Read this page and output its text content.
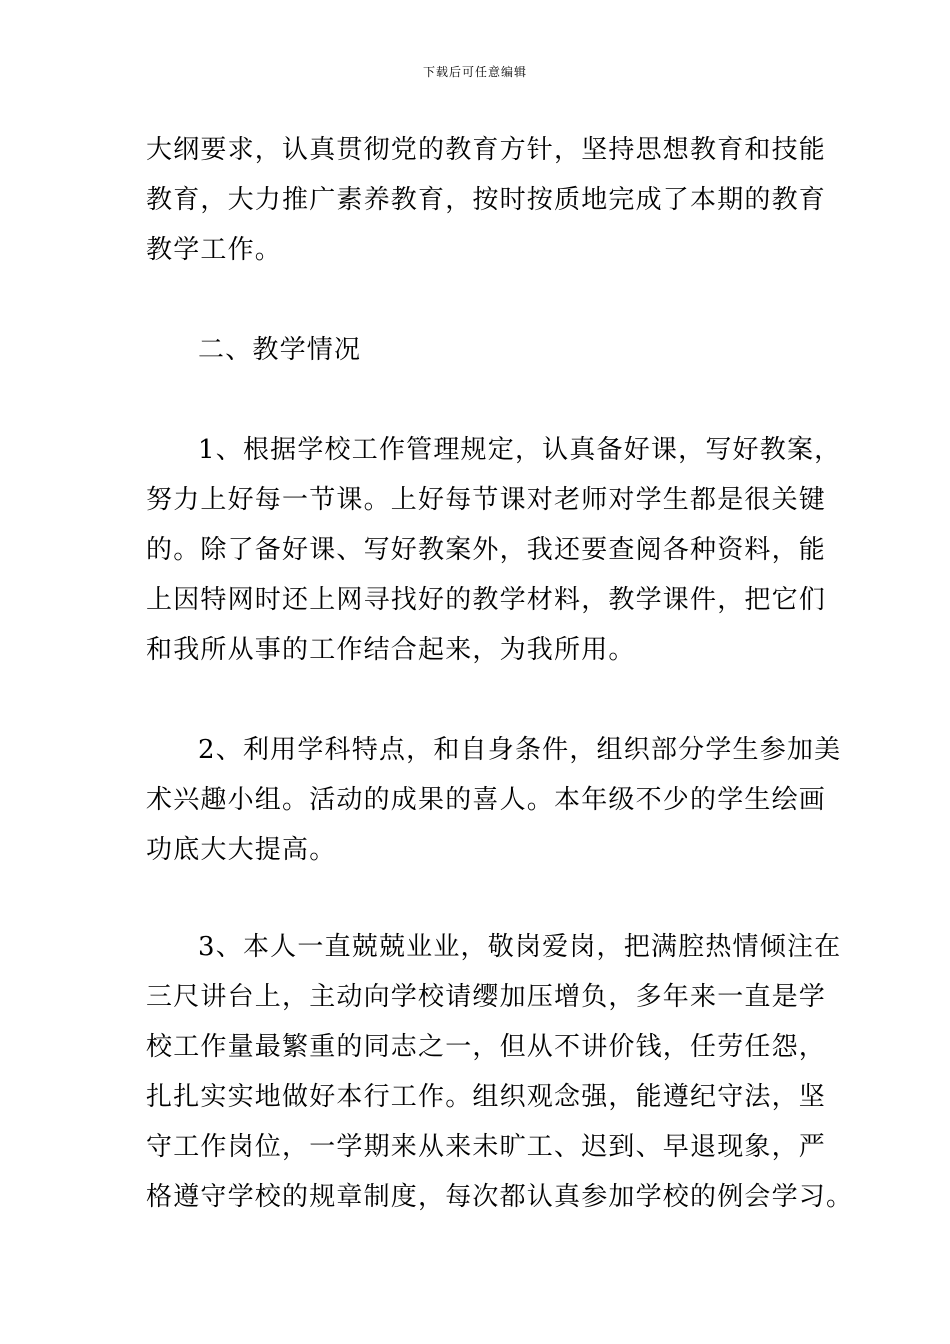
下载后可任意编辑
大纲要求，认真贯彻党的教育方针，坚持思想教育和技能
教育，大力推广素养教育，按时按质地完成了本期的教育
教学工作。
二、教学情况
1、根据学校工作管理规定，认真备好课，写好教案，
努力上好每一节课。上好每节课对老师对学生都是很关键
的。除了备好课、写好教案外，我还要查阅各种资料，能
上因特网时还上网寻找好的教学材料，教学课件，把它们
和我所从事的工作结合起来，为我所用。
2、利用学科特点，和自身条件，组织部分学生参加美
术兴趣小组。活动的成果的喜人。本年级不少的学生绘画
功底大大提高。
3、本人一直兢兢业业，敬岗爱岗，把满腔热情倾注在
三尺讲台上，主动向学校请缨加压增负，多年来一直是学
校工作量最繁重的同志之一，但从不讲价钱，任劳任怨，
扎扎实实地做好本行工作。组织观念强，能遵纪守法，坚
守工作岗位，一学期来从来未旷工、迟到、早退现象，严
格遵守学校的规章制度，每次都认真参加学校的例会学习。
